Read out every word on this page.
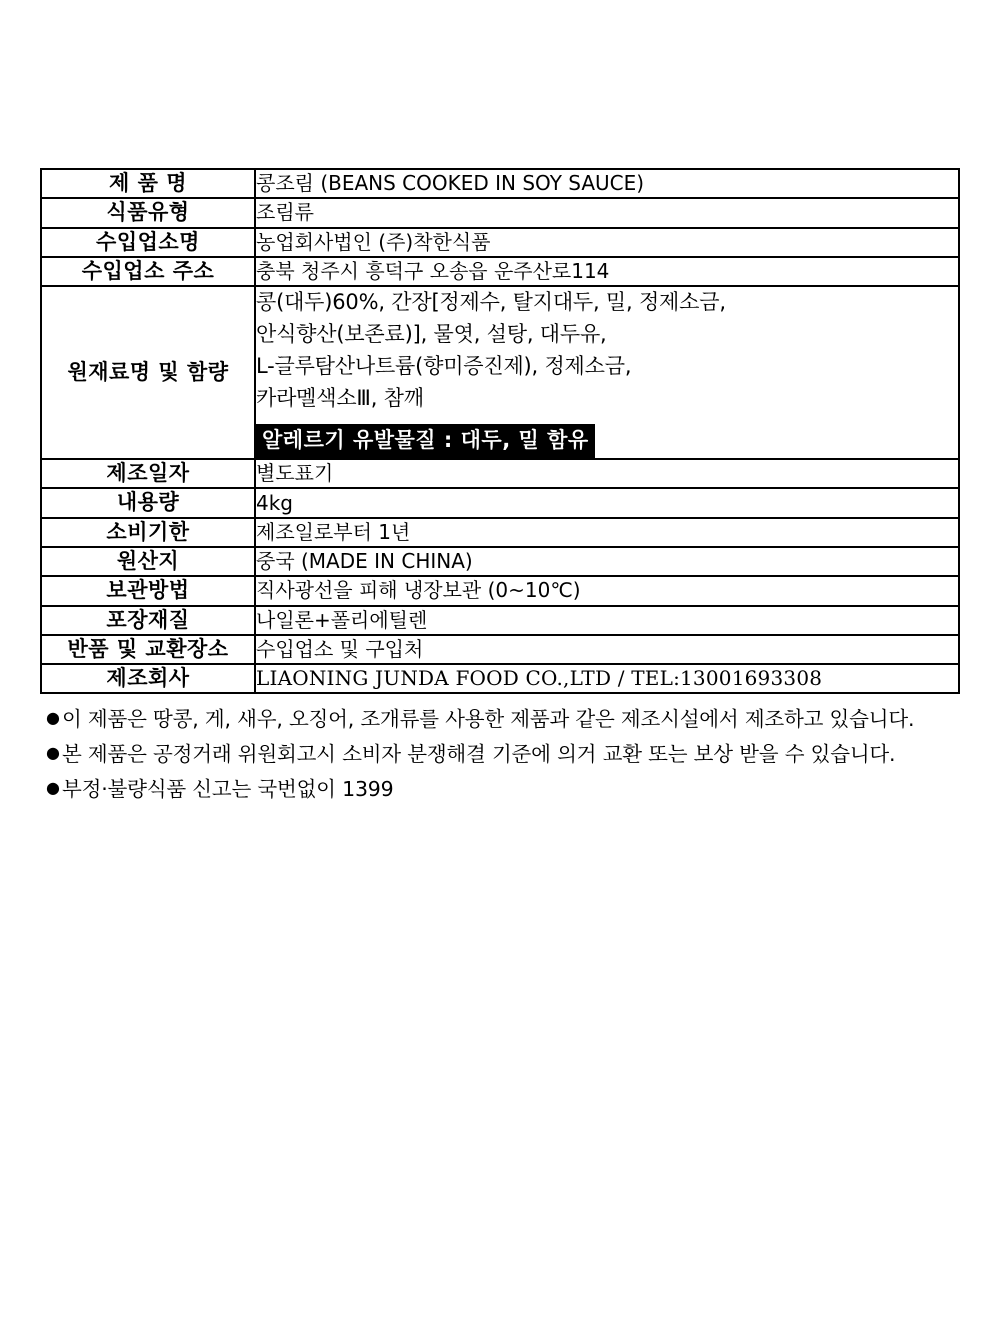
제 품 명	콩조림 (BEANS COOKED IN SOY SAUCE)
식품유형	조림류
수입업소명	농업회사법인 (주)착한식품
수입업소 주소	충북 청주시 흥덕구 오송읍 운주산로114
원재료명 및 함량	콩(대두)60%, 간장[정제수, 탈지대두, 밀, 정제소금,
안식향산(보존료)], 물엿, 설탕, 대두유,
L-글루탐산나트륨(향미증진제), 정제소금,
카라멜색소Ⅲ, 참깨
알레르기 유발물질 : 대두, 밀 함유
제조일자	별도표기
내용량	4kg
소비기한	제조일로부터 1년
원산지	중국 (MADE IN CHINA)
보관방법	직사광선을 피해 냉장보관 (0~10℃)
포장재질	나일론+폴리에틸렌
반품 및 교환장소	수입업소 및 구입처
제조회사	LIAONING JUNDA FOOD CO.,LTD / TEL:13001693308
● 이 제품은 땅콩, 게, 새우, 오징어, 조개류를 사용한 제품과 같은 제조시설에서 제조하고 있습니다.
● 본 제품은 공정거래 위원회고시 소비자 분쟁해결 기준에 의거 교환 또는 보상 받을 수 있습니다.
● 부정·불량식품 신고는 국번없이 1399
